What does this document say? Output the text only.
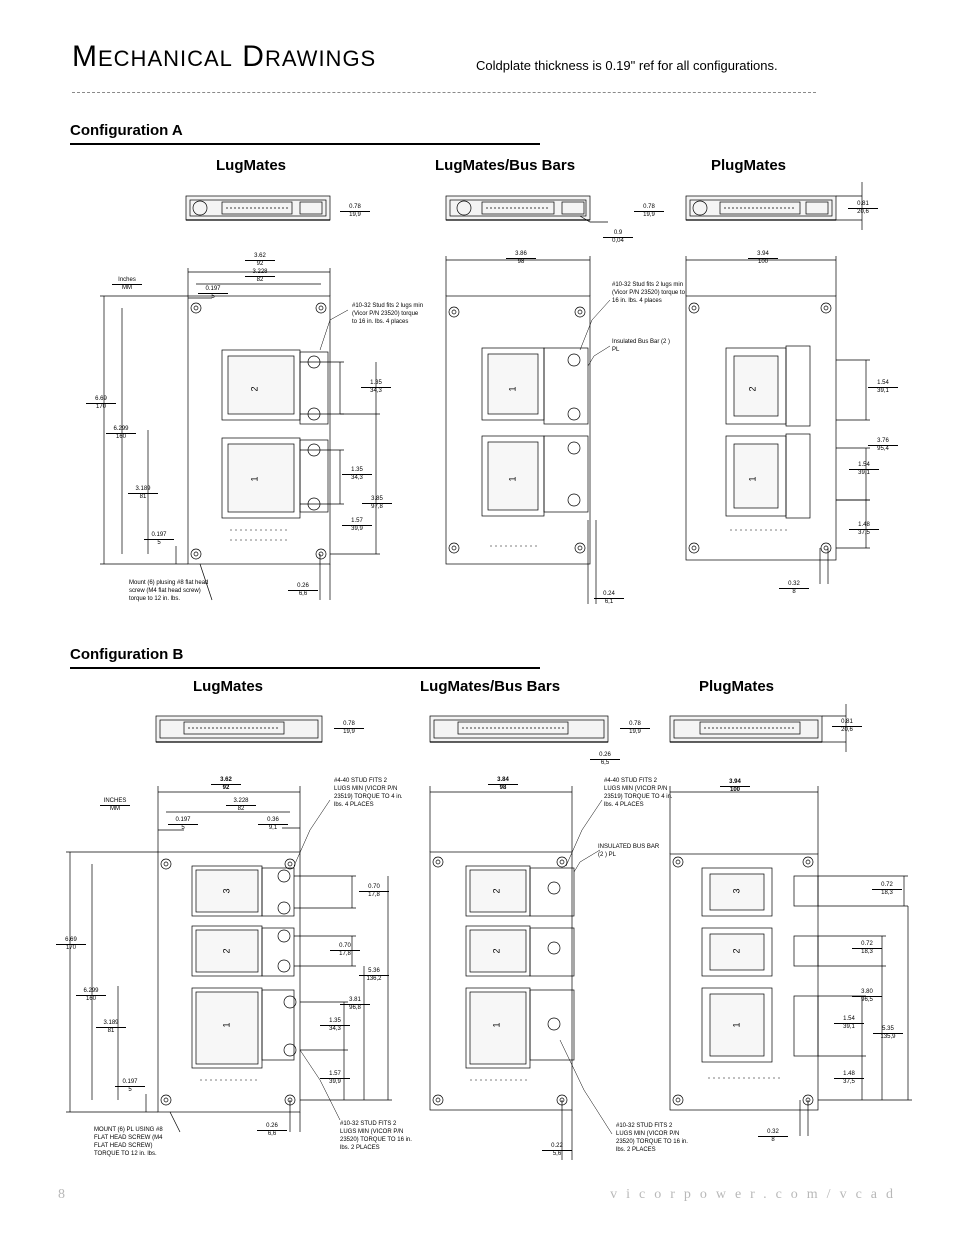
MECHANICAL DRAWINGS	Coldplate thickness is 0.19" ref for all configurations.
Configuration A
LugMates	LugMates/Bus Bars	PlugMates
Configuration B
LugMates	LugMates/Bus Bars	PlugMates
2
1
1
1
2
1
3
2
1
2
2
1
3
2
1
0.78
19,9
3.62
92
3.228
82
Inches
MM	0.197
5
#10-32 Stud fits 2 lugs min (Vicor P/N 23520) torque to 16 in. lbs. 4 places
6.69
170
6.299
160
3.189
81
0.197
5
1.35
34,3
1.35
34,3
3.85
97,8
1.57
39,9
Mount (6) plusing #8 flat head screw (M4 flat head screw) torque to 12 in. lbs.
0.26
6,6
0.78
19,9
0.9
0,04
3.86
98
#10-32 Stud fits 2 lugs min (Vicor P/N 23520) torque to 16 in. lbs. 4 places
Insulated Bus Bar (2 ) PL
0.24
6,1
0.81
20,6
3.94
100
1.54
39,1
3.76
95,4
1.54
39,1
1.48
37,5
0.32
8
0.78
19,9
3.62
92
3.228
82
INCHES
MM
0.197
5
0.36
9,1
#4-40 STUD FITS 2 LUGS MIN (VICOR P/N 23519) TORQUE TO 4 in. lbs. 4 PLACES
6.69
170
6.299
160
3.189
81
0.197
5
0.70
17,8
0.70
17,8
5.36
136,2
3.81
96,8
1.35
34,3
1.57
39,9
MOUNT (6) PL USING #8 FLAT HEAD SCREW (M4 FLAT HEAD SCREW) TORQUE TO 12 in. lbs.
0.26
6,6
#10-32 STUD FITS 2 LUGS MIN (VICOR P/N 23520) TORQUE TO 16 in. lbs. 2 PLACES
0.78
19,9
0.26
6,5
3.84
98
#4-40 STUD FITS 2 LUGS MIN (VICOR P/N 23519) TORQUE TO 4 in. lbs. 4 PLACES
INSULATED BUS BAR (2 ) PL
0.22
5,6
#10-32 STUD FITS 2 LUGS MIN (VICOR P/N 23520) TORQUE TO 16 in. lbs. 2 PLACES
0.81
20,6
3.94
100
0.72
18,3
0.72
18,3
3.80
96,5
1.54
39,1	5.35
135,9
1.48
37,5
0.32
8
8	vicorpower.com/vcad
